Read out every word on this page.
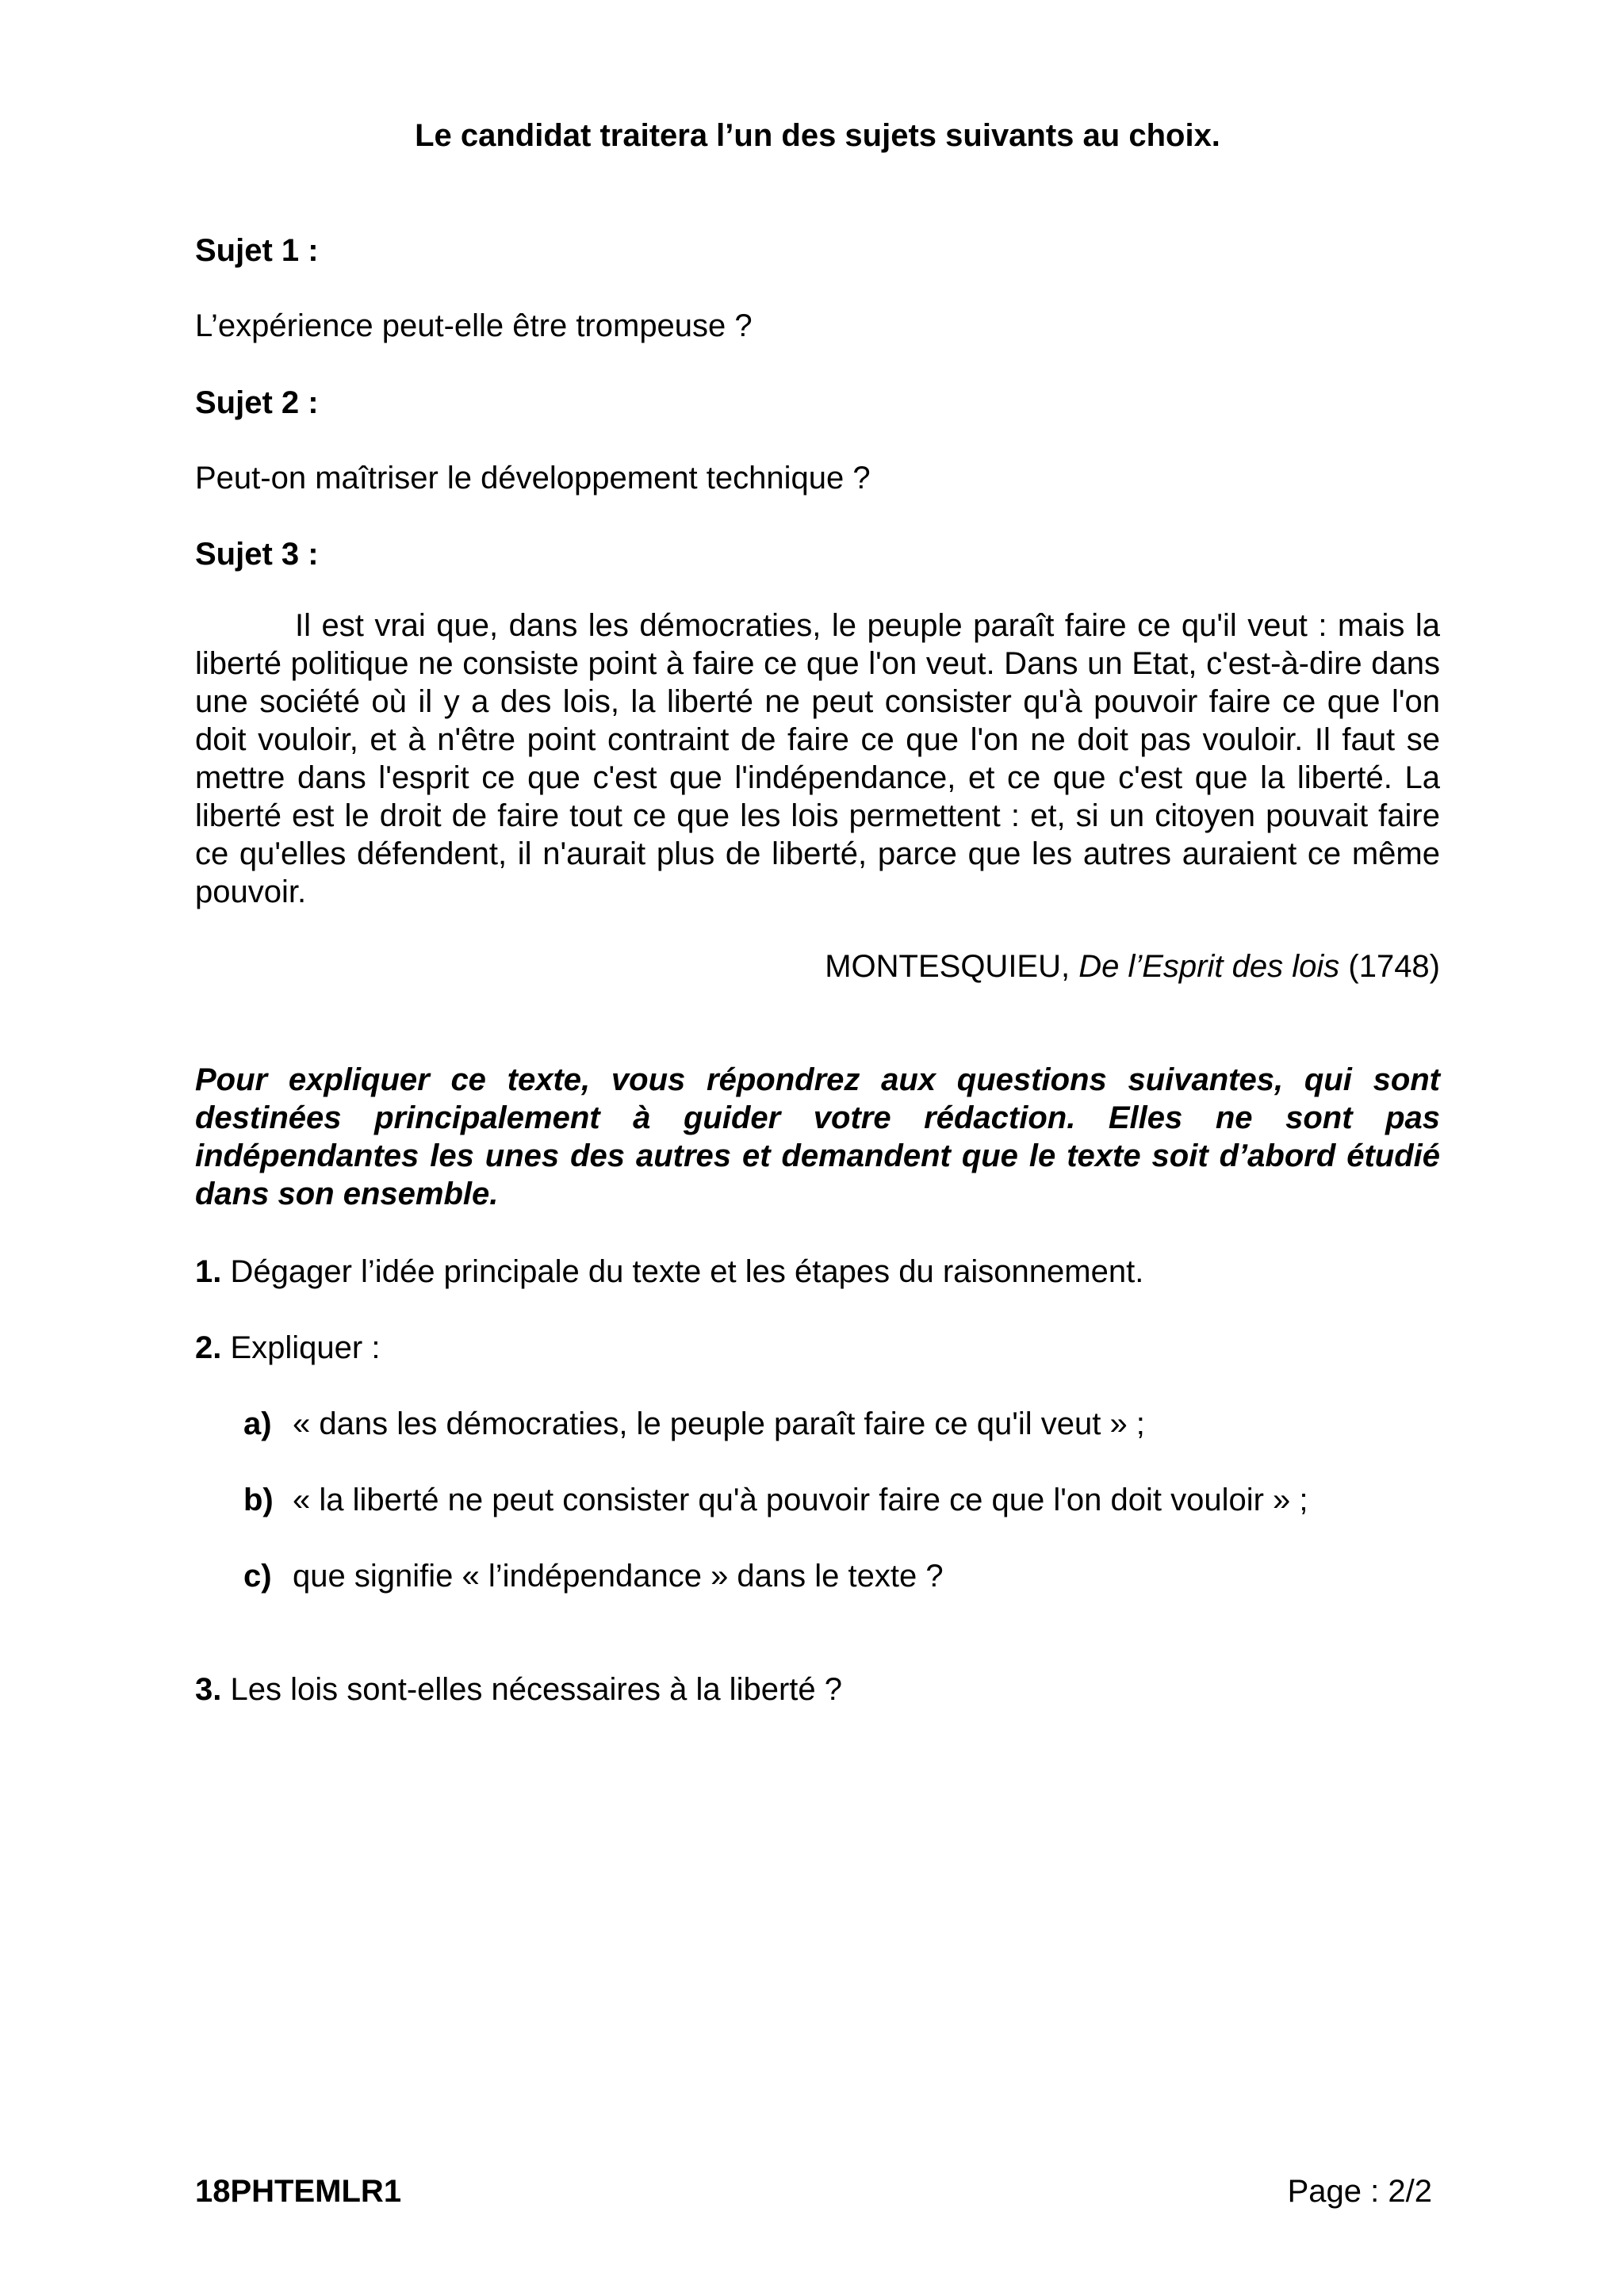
Le candidat traitera l’un des sujets suivants au choix.

Sujet 1 :

L’expérience peut-elle être trompeuse ?

Sujet 2 :

Peut-on maîtriser le développement technique ?

Sujet 3 :

Il est vrai que, dans les démocraties, le peuple paraît faire ce qu'il veut : mais la liberté politique ne consiste point à faire ce que l'on veut. Dans un Etat, c'est-à-dire dans une société où il y a des lois, la liberté ne peut consister qu'à pouvoir faire ce que l'on doit vouloir, et à n'être point contraint de faire ce que l'on ne doit pas vouloir. Il faut se mettre dans l'esprit ce que c'est que l'indépendance, et ce que c'est que la liberté. La liberté est le droit de faire tout ce que les lois permettent : et, si un citoyen pouvait faire ce qu'elles défendent, il n'aurait plus de liberté, parce que les autres auraient ce même pouvoir.

MONTESQUIEU, De l’Esprit des lois (1748)

Pour expliquer ce texte, vous répondrez aux questions suivantes, qui sont destinées principalement à guider votre rédaction. Elles ne sont pas indépendantes les unes des autres et demandent que le texte soit d’abord étudié dans son ensemble.

1. Dégager l’idée principale du texte et les étapes du raisonnement.

2. Expliquer :

a) « dans les démocraties, le peuple paraît faire ce qu'il veut » ;

b) « la liberté ne peut consister qu'à pouvoir faire ce que l'on doit vouloir » ;

c) que signifie « l’indépendance » dans le texte ?

3. Les lois sont-elles nécessaires à la liberté ?

18PHTEMLR1	Page : 2/2
